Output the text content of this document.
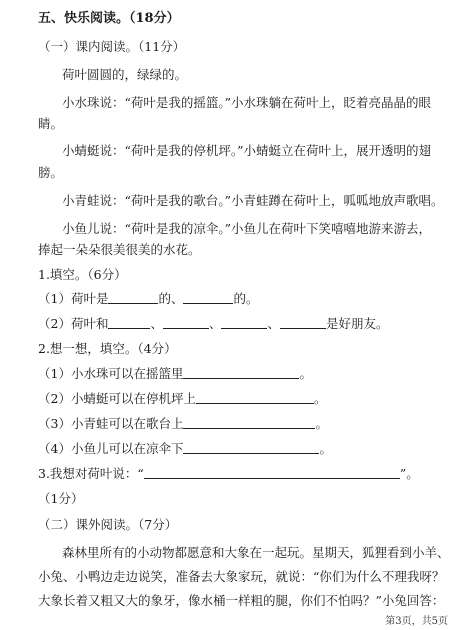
五、快乐阅读。（18分）
（一）课内阅读。（11分）
荷叶圆圆的，绿绿的。
小水珠说：“荷叶是我的摇篮。”小水珠躺在荷叶上，眨着亮晶晶的眼
睛。
小蜻蜓说：“荷叶是我的停机坪。”小蜻蜓立在荷叶上，展开透明的翅
膀。
小青蛙说：“荷叶是我的歌台。”小青蛙蹲在荷叶上，呱呱地放声歌唱。
小鱼儿说：“荷叶是我的凉伞。”小鱼儿在荷叶下笑嘻嘻地游来游去，
捧起一朵朵很美很美的水花。
1.填空。（6分）
（1）荷叶是	的、	的。
（2）荷叶和	、	、	、	是好朋友。
2.想一想，填空。（4分）
（1）小水珠可以在摇篮里	。
（2）小蜻蜓可以在停机坪上	。
（3）小青蛙可以在歌台上	。
（4）小鱼儿可以在凉伞下	。
3.我想对荷叶说：“	”。
（1分）
（二）课外阅读。（7分）
森林里所有的小动物都愿意和大象在一起玩。星期天，狐狸看到小羊、
小兔、小鸭边走边说笑，准备去大象家玩，就说：“你们为什么不理我呀？
大象长着又粗又大的象牙，像水桶一样粗的腿，你们不怕吗？”小兔回答：
第3页，共5页
